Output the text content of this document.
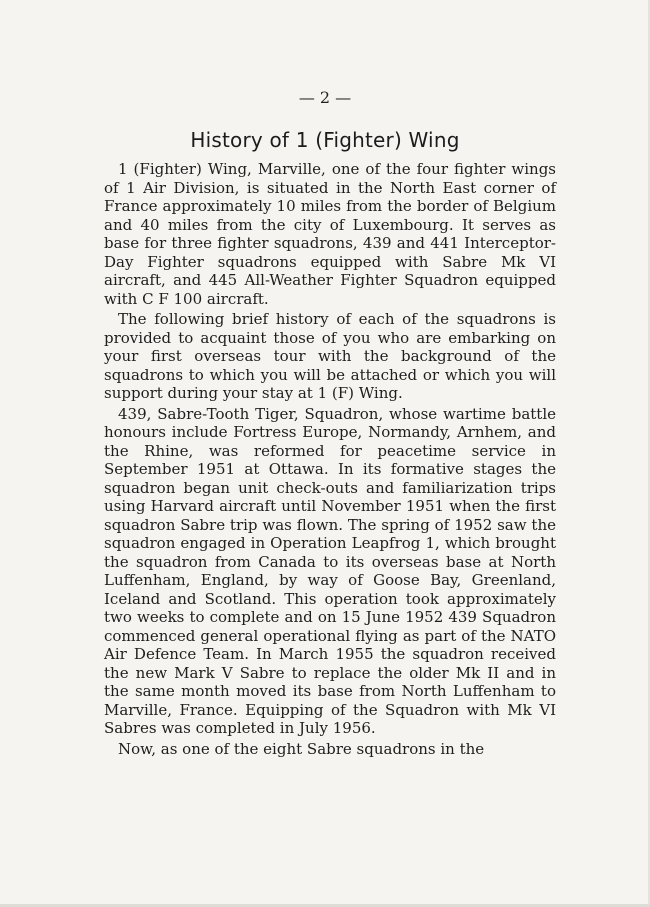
— 2 —
History of 1 (Fighter) Wing

1 (Fighter) Wing, Marville, one of the four fighter wings of 1 Air Division, is situated in the North East corner of France approximately 10 miles from the border of Belgium and 40 miles from the city of Luxembourg. It serves as base for three fighter squadrons, 439 and 441 Interceptor-Day Fighter squadrons equipped with Sabre Mk VI aircraft, and 445 All-Weather Fighter Squadron equipped with C F 100 aircraft.

The following brief history of each of the squadrons is provided to acquaint those of you who are embarking on your first overseas tour with the background of the squadrons to which you will be attached or which you will support during your stay at 1 (F) Wing.

439, Sabre-Tooth Tiger, Squadron, whose wartime battle honours include Fortress Europe, Normandy, Arnhem, and the Rhine, was reformed for peacetime service in September 1951 at Ottawa. In its formative stages the squadron began unit check-outs and familiarization trips using Harvard aircraft until November 1951 when the first squadron Sabre trip was flown. The spring of 1952 saw the squadron engaged in Operation Leapfrog 1, which brought the squadron from Canada to its overseas base at North Luffenham, England, by way of Goose Bay, Greenland, Iceland and Scotland. This operation took approximately two weeks to complete and on 15 June 1952 439 Squadron commenced general operational flying as part of the NATO Air Defence Team. In March 1955 the squadron received the new Mark V Sabre to replace the older Mk II and in the same month moved its base from North Luffenham to Marville, France. Equipping of the Squadron with Mk VI Sabres was completed in July 1956.

Now, as one of the eight Sabre squadrons in the
